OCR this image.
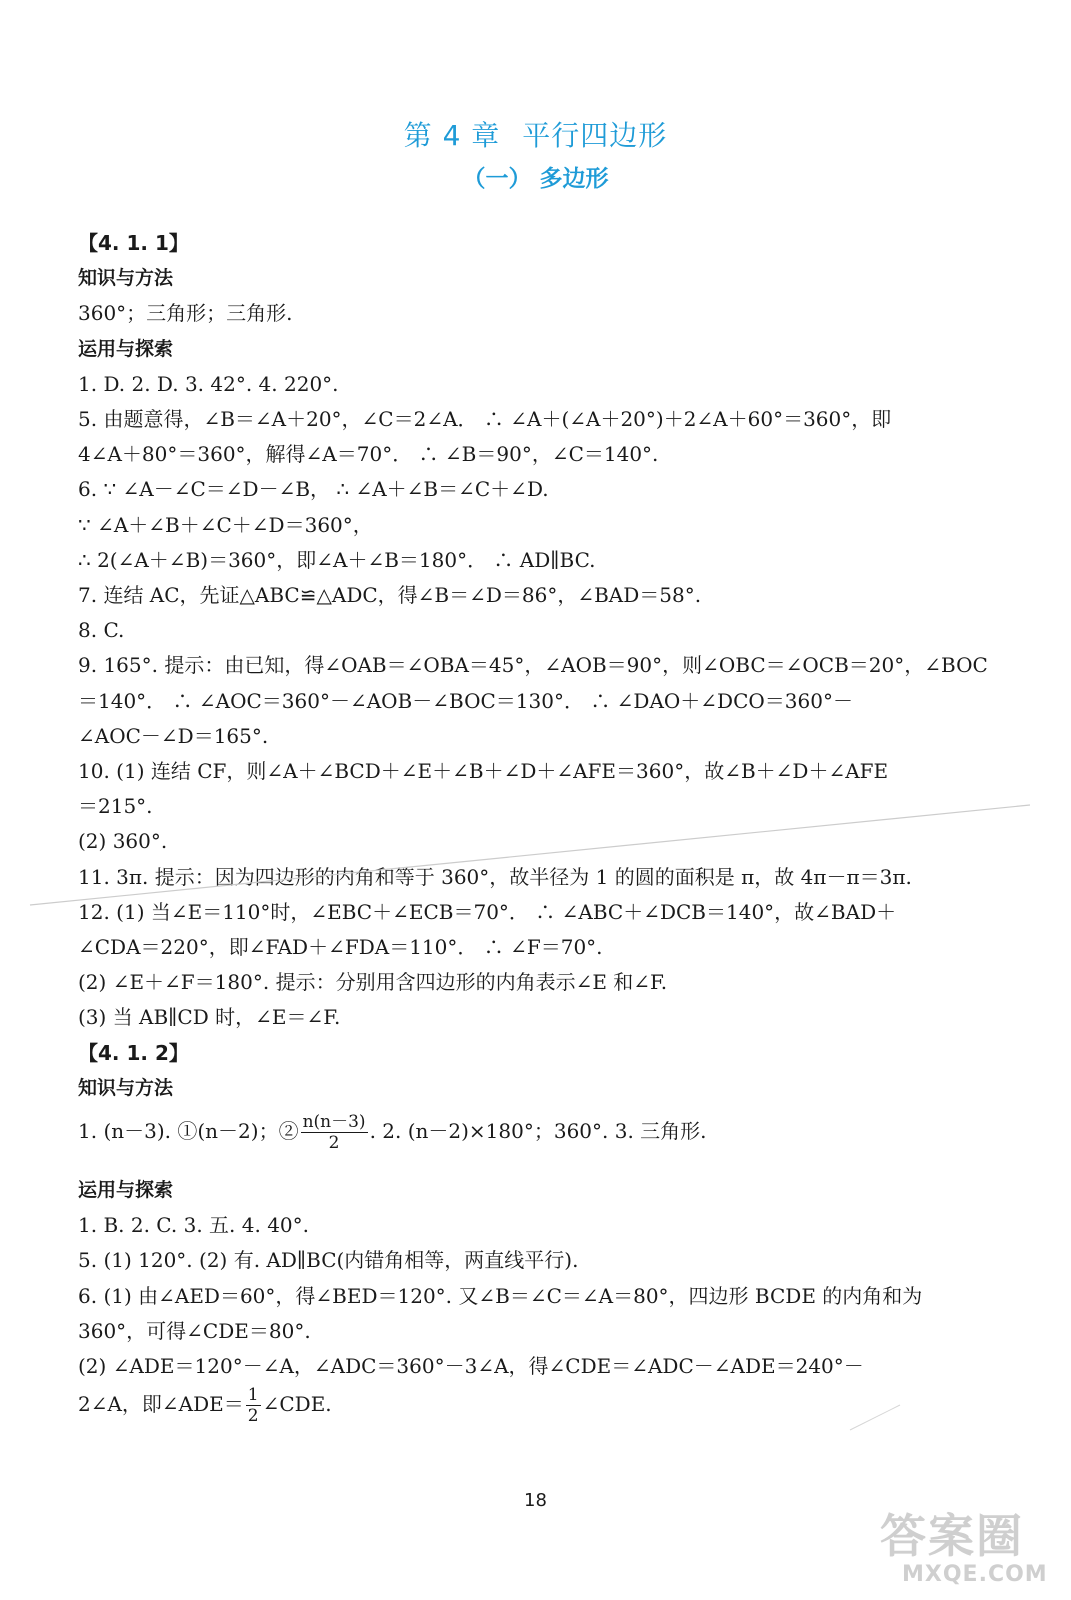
第 4 章 平行四边形
（一） 多边形
【4. 1. 1】
知识与方法
360°；三角形；三角形.
运用与探索
1. D. 2. D. 3. 42°. 4. 220°.
5. 由题意得，∠B＝∠A＋20°，∠C＝2∠A． ∴ ∠A＋(∠A＋20°)＋2∠A＋60°＝360°，即
4∠A＋80°＝360°，解得∠A＝70°． ∴ ∠B＝90°，∠C＝140°.
6. ∵ ∠A－∠C＝∠D－∠B， ∴ ∠A＋∠B＝∠C＋∠D.
∵ ∠A＋∠B＋∠C＋∠D＝360°，
∴ 2(∠A＋∠B)＝360°，即∠A＋∠B＝180°． ∴ AD∥BC.
7. 连结 AC，先证△ABC≌△ADC，得∠B＝∠D＝86°，∠BAD＝58°.
8. C.
9. 165°. 提示：由已知，得∠OAB＝∠OBA＝45°，∠AOB＝90°，则∠OBC＝∠OCB＝20°，∠BOC
＝140°． ∴ ∠AOC＝360°－∠AOB－∠BOC＝130°． ∴ ∠DAO＋∠DCO＝360°－
∠AOC－∠D＝165°.
10. (1) 连结 CF，则∠A＋∠BCD＋∠E＋∠B＋∠D＋∠AFE＝360°，故∠B＋∠D＋∠AFE
＝215°.
(2) 360°.
11. 3π. 提示：因为四边形的内角和等于 360°，故半径为 1 的圆的面积是 π，故 4π－π＝3π.
12. (1) 当∠E＝110°时，∠EBC＋∠ECB＝70°． ∴ ∠ABC＋∠DCB＝140°，故∠BAD＋
∠CDA＝220°，即∠FAD＋∠FDA＝110°． ∴ ∠F＝70°.
(2) ∠E＋∠F＝180°. 提示：分别用含四边形的内角表示∠E 和∠F.
(3) 当 AB∥CD 时，∠E＝∠F.
【4. 1. 2】
知识与方法
1. (n－3). ①(n－2)；② $\frac{n(n-3)}{2}$ . 2. (n－2)×180°；360°. 3. 三角形.
运用与探索
1. B. 2. C. 3. 五. 4. 40°.
5. (1) 120°. (2) 有. AD∥BC(内错角相等，两直线平行).
6. (1) 由∠AED＝60°，得∠BED＝120°. 又∠B＝∠C＝∠A＝80°，四边形 BCDE 的内角和为
360°，可得∠CDE＝80°.
(2) ∠ADE＝120°－∠A，∠ADC＝360°－3∠A，得∠CDE＝∠ADC－∠ADE＝240°－
2∠A，即∠ADE＝ $\frac{1}{2}$ ∠CDE.
18
答案圈
MXQE.COM
